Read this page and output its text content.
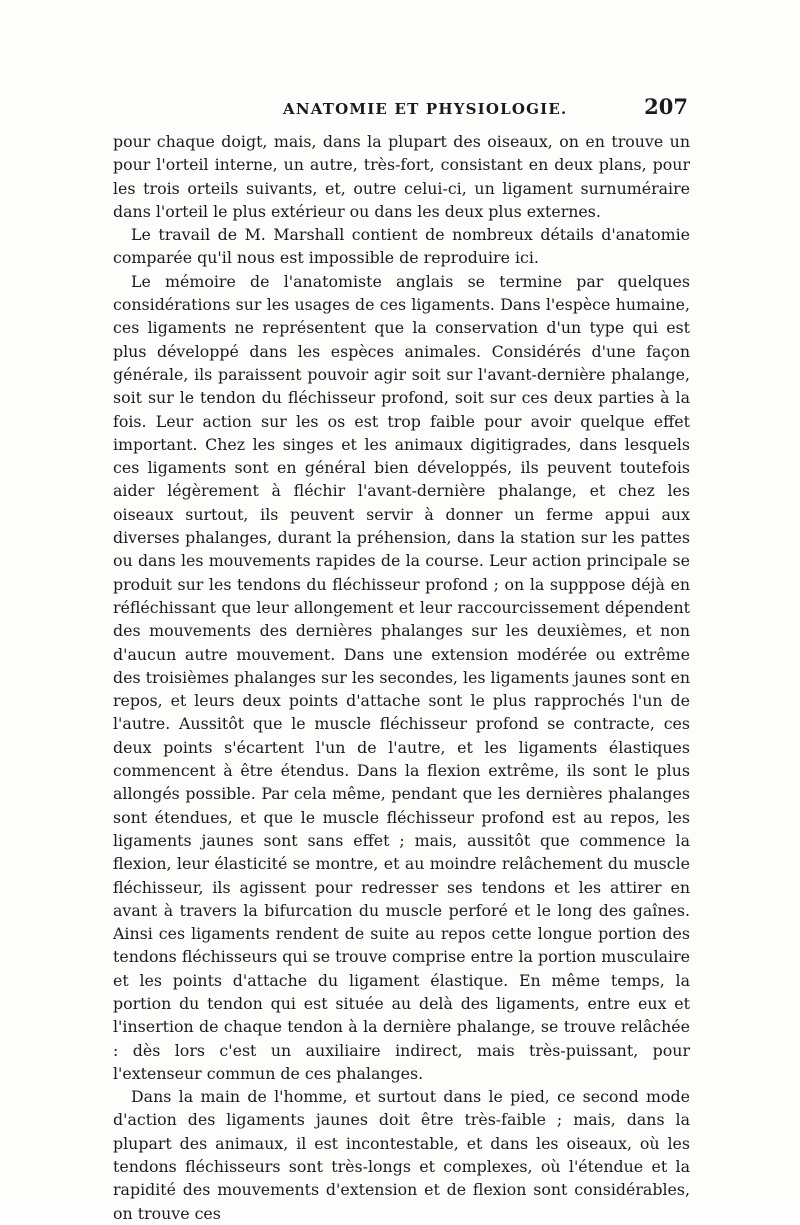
ANATOMIE ET PHYSIOLOGIE.	207

pour chaque doigt, mais, dans la plupart des oiseaux, on en trouve un pour l'orteil interne, un autre, très-fort, consistant en deux plans, pour les trois orteils suivants, et, outre celui-ci, un ligament surnuméraire dans l'orteil le plus extérieur ou dans les deux plus externes.

Le travail de M. Marshall contient de nombreux détails d'anatomie comparée qu'il nous est impossible de reproduire ici.

Le mémoire de l'anatomiste anglais se termine par quelques considérations sur les usages de ces ligaments. Dans l'espèce humaine, ces ligaments ne représentent que la conservation d'un type qui est plus développé dans les espèces animales. Considérés d'une façon générale, ils paraissent pouvoir agir soit sur l'avant-dernière phalange, soit sur le tendon du fléchisseur profond, soit sur ces deux parties à la fois. Leur action sur les os est trop faible pour avoir quelque effet important. Chez les singes et les animaux digitigrades, dans lesquels ces ligaments sont en général bien développés, ils peuvent toutefois aider légèrement à fléchir l'avant-dernière phalange, et chez les oiseaux surtout, ils peuvent servir à donner un ferme appui aux diverses phalanges, durant la préhension, dans la station sur les pattes ou dans les mouvements rapides de la course. Leur action principale se produit sur les tendons du fléchisseur profond ; on la supppose déjà en réfléchissant que leur allongement et leur raccourcissement dépendent des mouvements des dernières phalanges sur les deuxièmes, et non d'aucun autre mouvement. Dans une extension modérée ou extrême des troisièmes phalanges sur les secondes, les ligaments jaunes sont en repos, et leurs deux points d'attache sont le plus rapprochés l'un de l'autre. Aussitôt que le muscle fléchisseur profond se contracte, ces deux points s'écartent l'un de l'autre, et les ligaments élastiques commencent à être étendus. Dans la flexion extrême, ils sont le plus allongés possible. Par cela même, pendant que les dernières phalanges sont étendues, et que le muscle fléchisseur profond est au repos, les ligaments jaunes sont sans effet ; mais, aussitôt que commence la flexion, leur élasticité se montre, et au moindre relâchement du muscle fléchisseur, ils agissent pour redresser ses tendons et les attirer en avant à travers la bifurcation du muscle perforé et le long des gaînes. Ainsi ces ligaments rendent de suite au repos cette longue portion des tendons fléchisseurs qui se trouve comprise entre la portion musculaire et les points d'attache du ligament élastique. En même temps, la portion du tendon qui est située au delà des ligaments, entre eux et l'insertion de chaque tendon à la dernière phalange, se trouve relâchée : dès lors c'est un auxiliaire indirect, mais très-puissant, pour l'extenseur commun de ces phalanges.

Dans la main de l'homme, et surtout dans le pied, ce second mode d'action des ligaments jaunes doit être très-faible ; mais, dans la plupart des animaux, il est incontestable, et dans les oiseaux, où les tendons fléchisseurs sont très-longs et complexes, où l'étendue et la rapidité des mouvements d'extension et de flexion sont considérables, on trouve ces
